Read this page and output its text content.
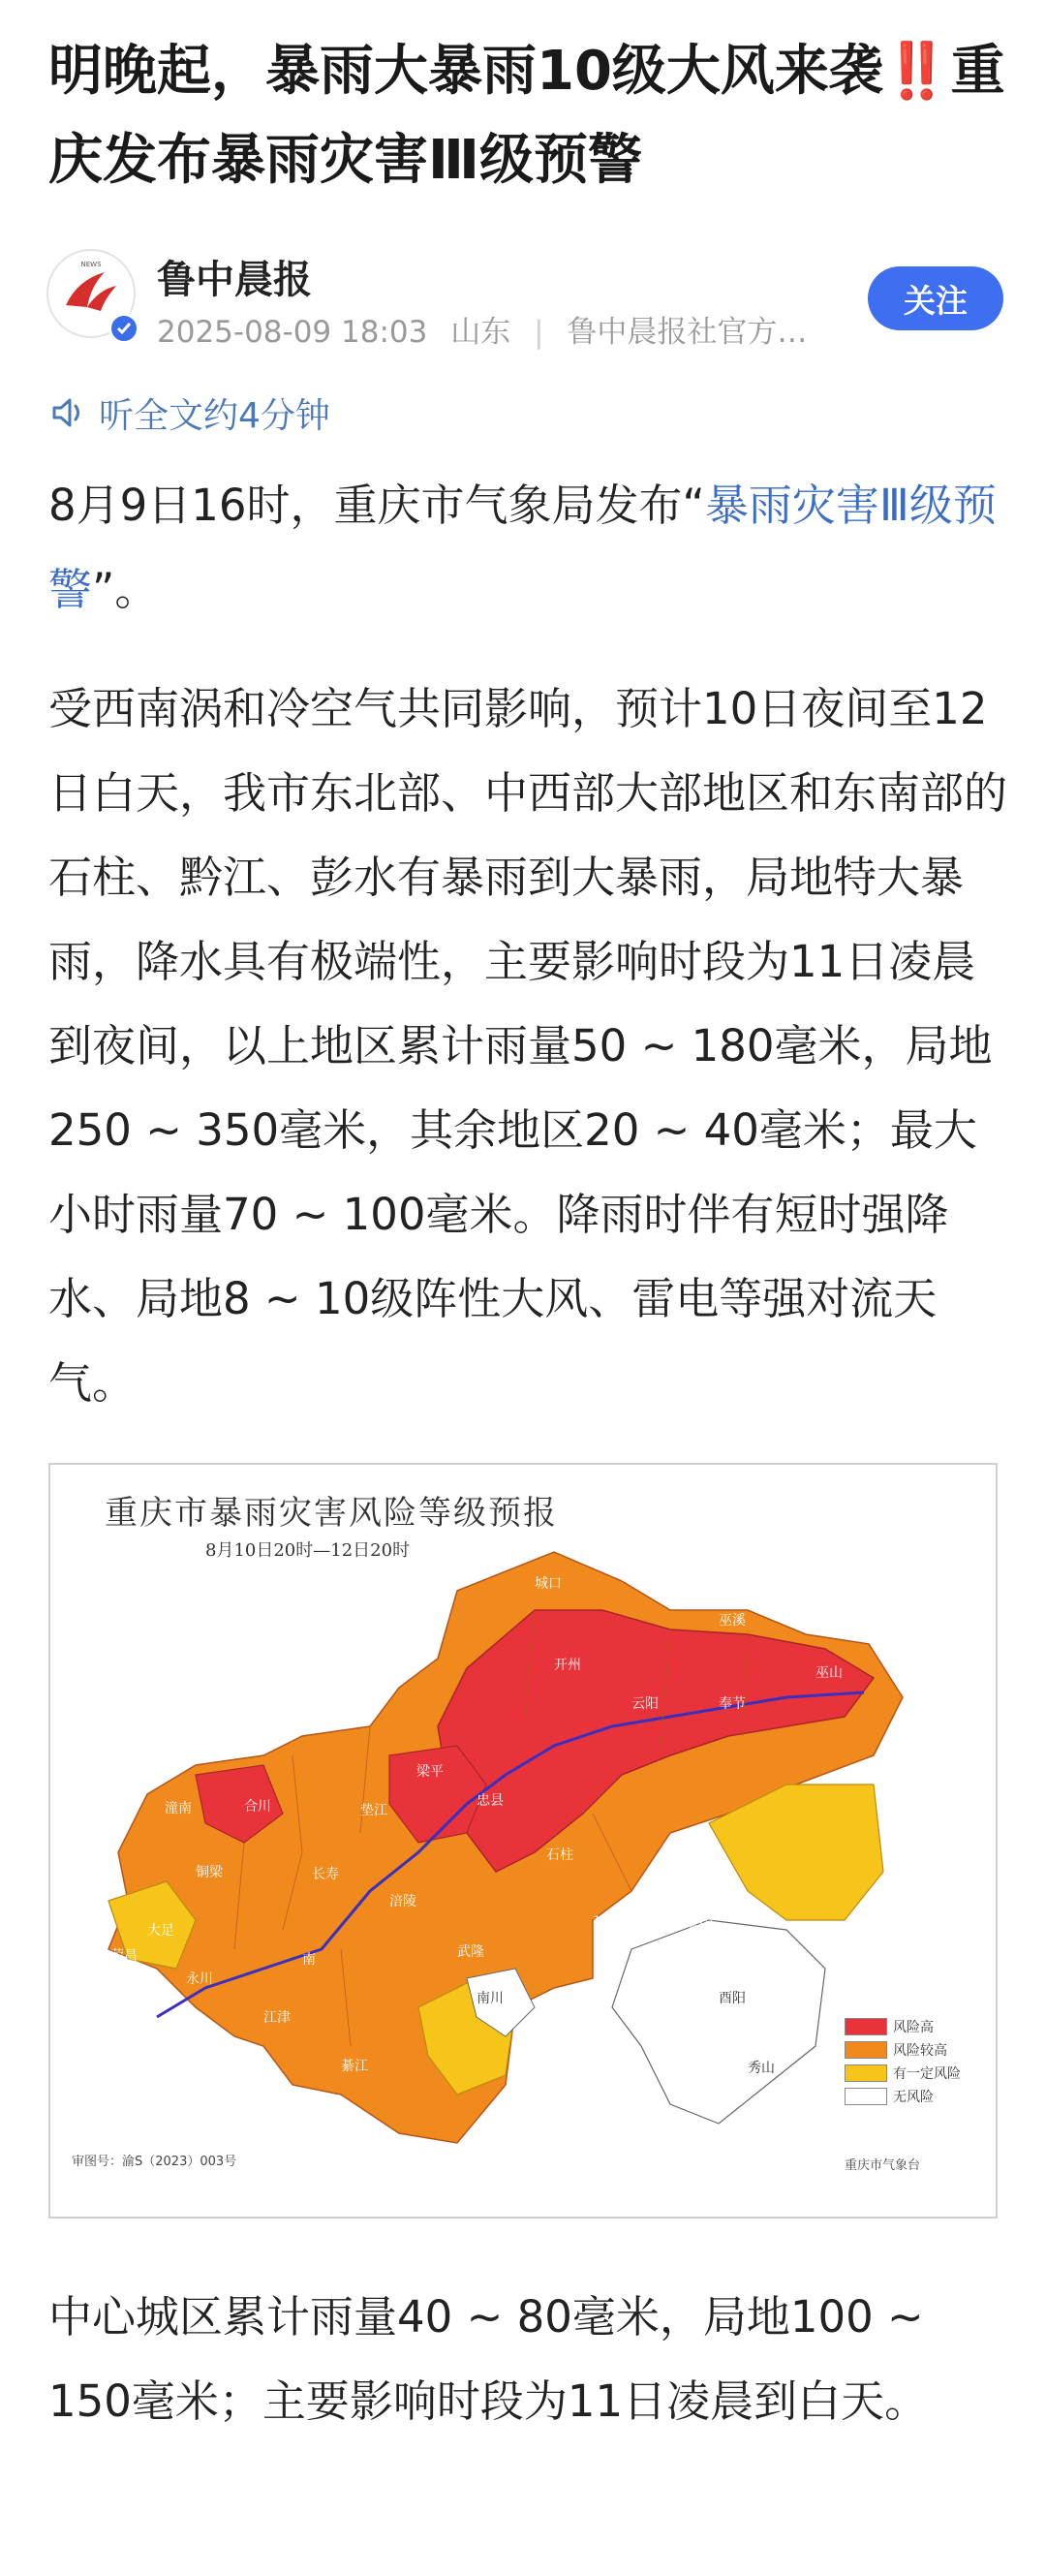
明晚起，暴雨大暴雨10级大风来袭‼️重庆发布暴雨灾害Ⅲ级预警
NEWS 鲁中晨报
2025-08-09 18:03 山东 | 鲁中晨报社官方…
关注
听全文约4分钟

8月9日16时，重庆市气象局发布“暴雨灾害Ⅲ级预警”。

受西南涡和冷空气共同影响，预计10日夜间至12日白天，我市东北部、中西部大部地区和东南部的石柱、黔江、彭水有暴雨到大暴雨，局地特大暴雨，降水具有极端性，主要影响时段为11日凌晨到夜间，以上地区累计雨量50 ~ 180毫米，局地250 ~ 350毫米，其余地区20 ~ 40毫米；最大小时雨量70 ~ 100毫米。降雨时伴有短时强降水、局地8 ~ 10级阵性大风、雷电等强对流天气。

重庆市暴雨灾害风险等级预报
8月10日20时—12日20时
城口
巫溪
开州
云阳	奉节
巫山
梁平
忠县
垫江
石柱
长寿
涪陵
黔江
彭水
武隆
酉阳
秀山
南川
綦江
江津
永川
大足
铜梁
合川
潼南
荣昌	南
风险高
风险较高
有一定风险
无风险
审图号：渝S（2023）003号	重庆市气象台

中心城区累计雨量40 ~ 80毫米，局地100 ~ 150毫米；主要影响时段为11日凌晨到白天。
